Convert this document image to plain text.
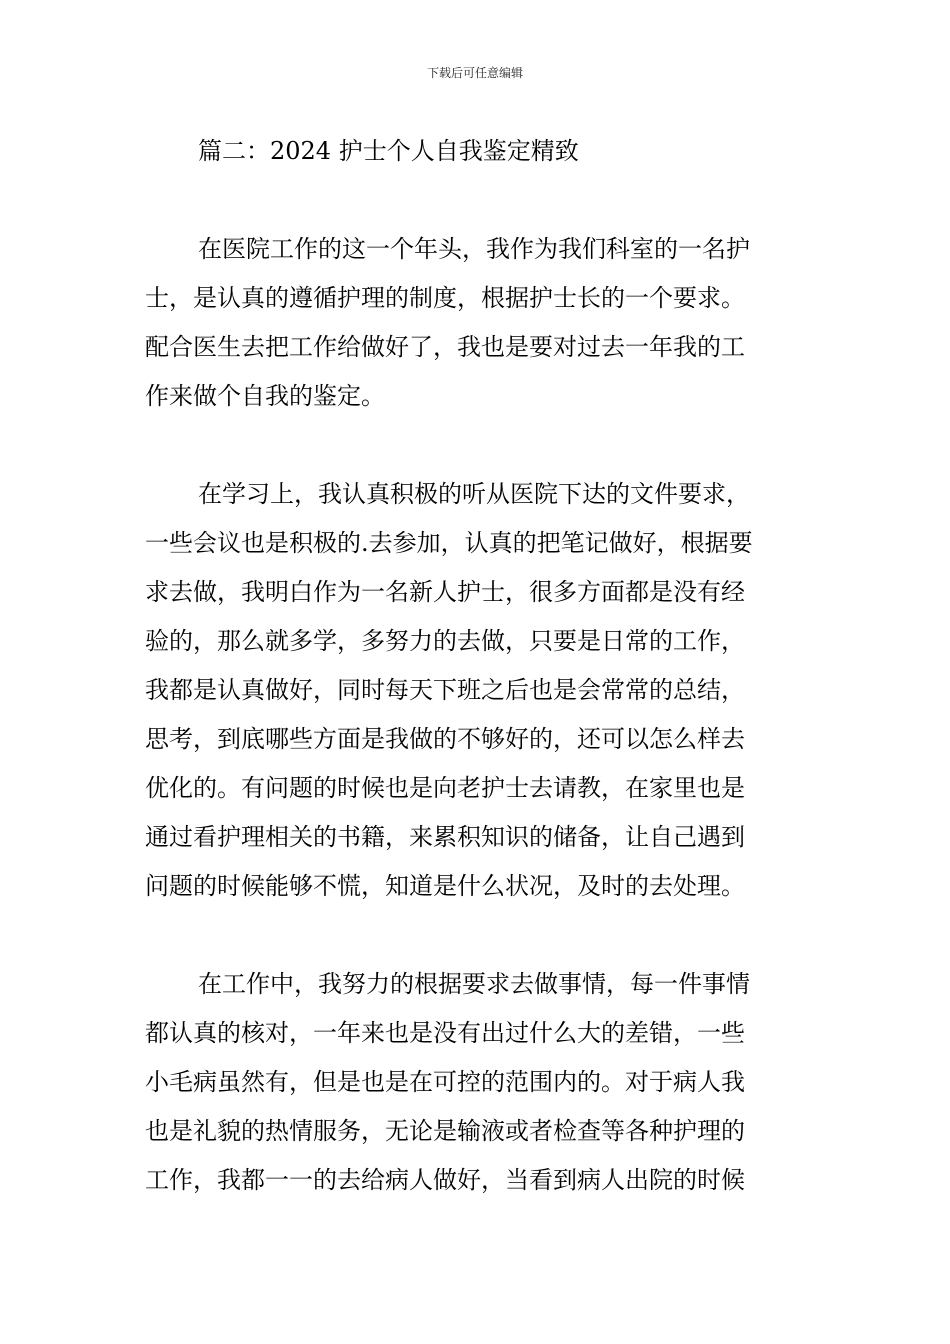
下载后可任意编辑
篇二：2024 护士个人自我鉴定精致
在医院工作的这一个年头，我作为我们科室的一名护
士，是认真的遵循护理的制度，根据护士长的一个要求。
配合医生去把工作给做好了，我也是要对过去一年我的工
作来做个自我的鉴定。
在学习上，我认真积极的听从医院下达的文件要求，
一些会议也是积极的.去参加，认真的把笔记做好，根据要
求去做，我明白作为一名新人护士，很多方面都是没有经
验的，那么就多学，多努力的去做，只要是日常的工作，
我都是认真做好，同时每天下班之后也是会常常的总结，
思考，到底哪些方面是我做的不够好的，还可以怎么样去
优化的。有问题的时候也是向老护士去请教，在家里也是
通过看护理相关的书籍，来累积知识的储备，让自己遇到
问题的时候能够不慌，知道是什么状况，及时的去处理。
在工作中，我努力的根据要求去做事情，每一件事情
都认真的核对，一年来也是没有出过什么大的差错，一些
小毛病虽然有，但是也是在可控的范围内的。对于病人我
也是礼貌的热情服务，无论是输液或者检查等各种护理的
工作，我都一一的去给病人做好，当看到病人出院的时候
